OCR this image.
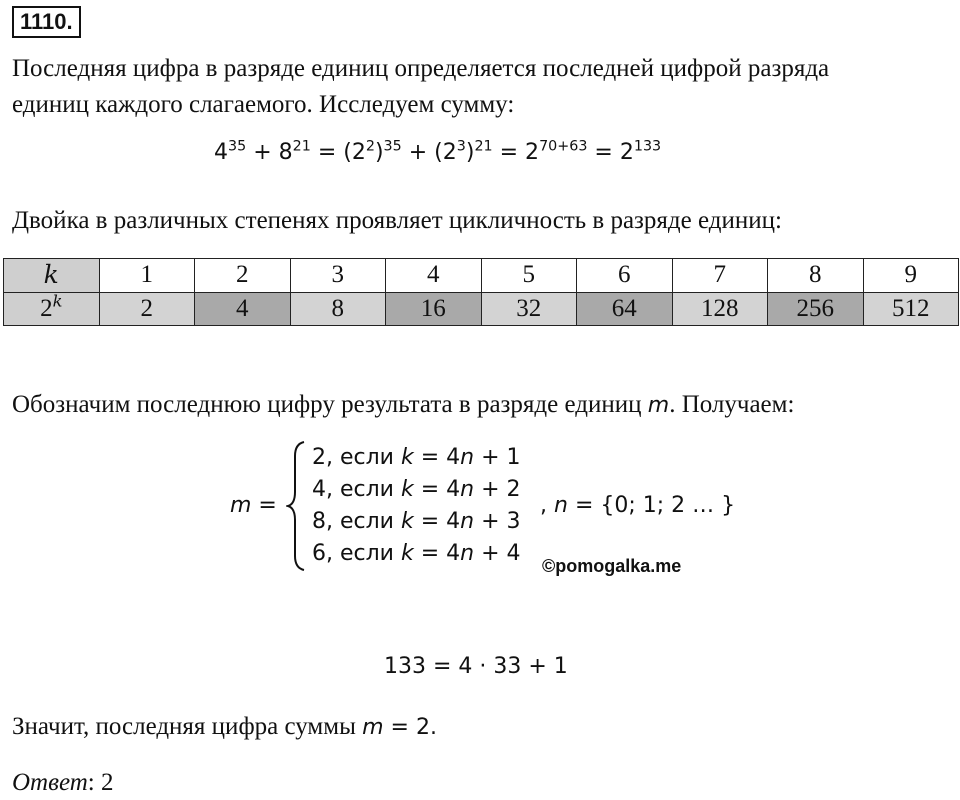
1110.
Последняя цифра в разряде единиц определяется последней цифрой разряда
единиц каждого слагаемого. Исследуем сумму:
$4^{35} + 8^{21} = (2^2)^{35} + (2^3)^{21} = 2^{70+63} = 2^{133}$
Двойка в различных степенях проявляет цикличность в разряде единиц:
k	1	2	3	4	5	6	7	8	9
2$^k$	2	4	8	16	32	64	128	256	512
Обозначим последнюю цифру результата в разряде единиц m. Получаем:
m =
2, если k = 4n + 1
4, если k = 4n + 2
8, если k = 4n + 3
6, если k = 4n + 4
, n = {0; 1; 2 … }
©pomogalka.me
133 = 4 · 33 + 1
Значит, последняя цифра суммы m = 2.
Ответ: 2
